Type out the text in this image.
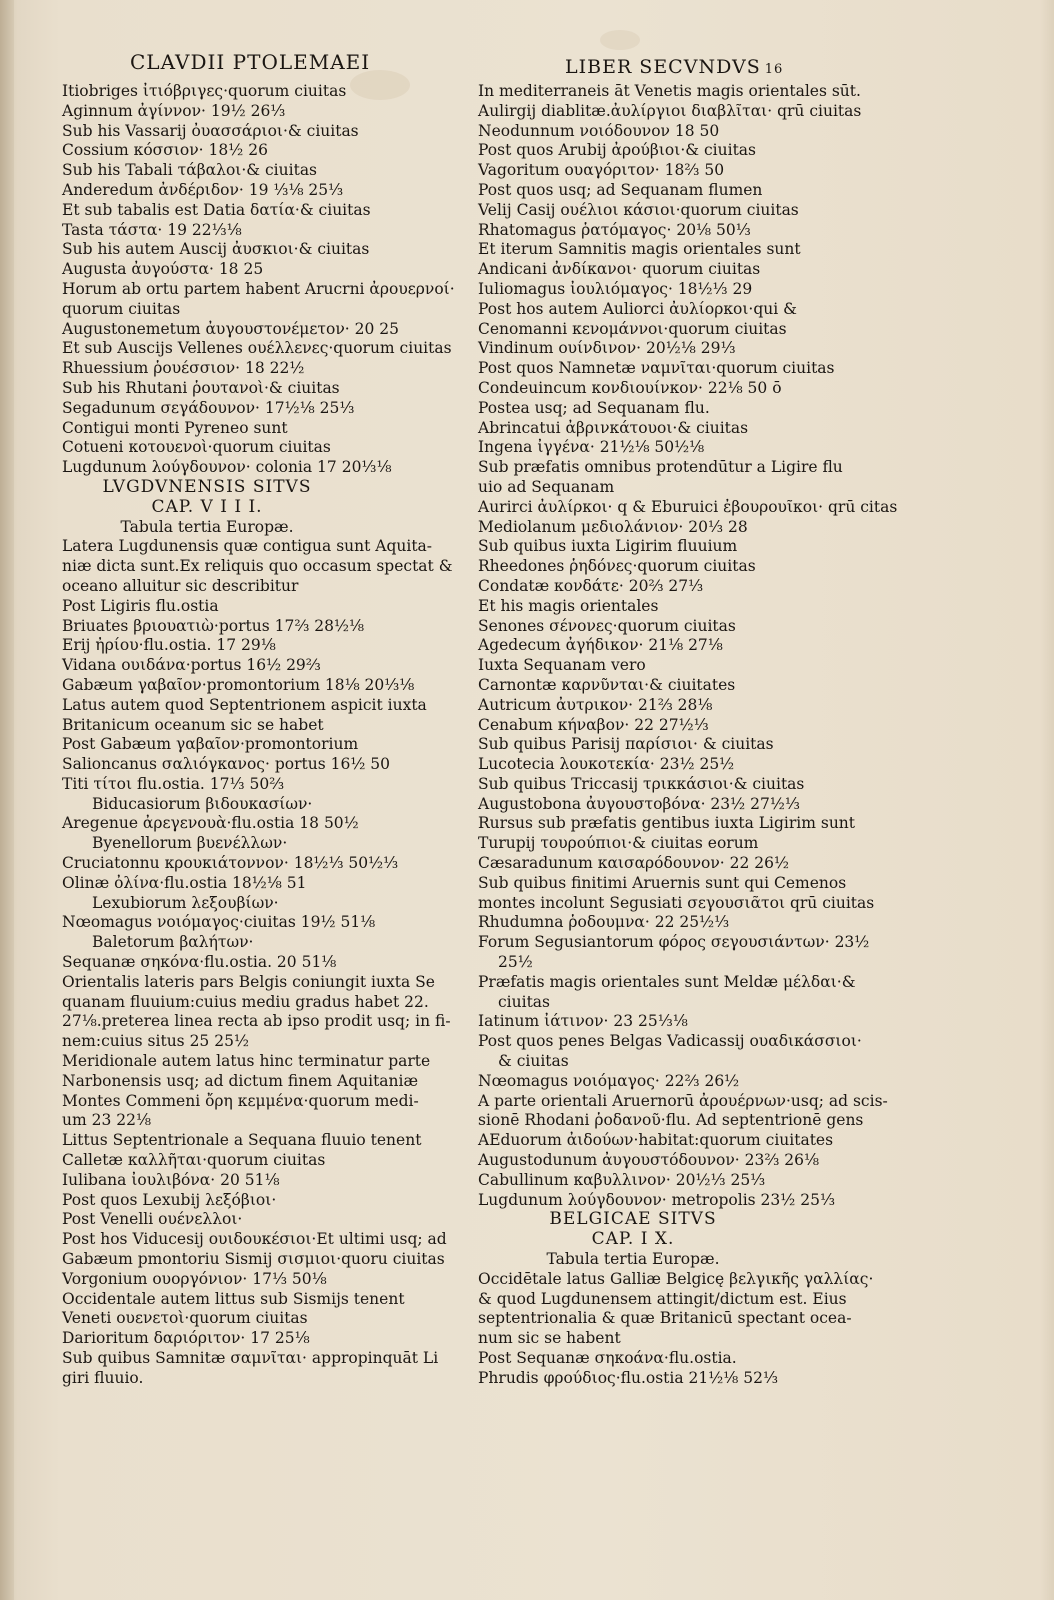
CLAVDII PTOLEMAEI	LIBER SECVNDVS 16
Itiobriges ἰτιόβριγες·quorum ciuitas
Aginnum ἀγίννον· 19½ 26⅓
Sub his Vassarij ὀυασσάριοι·& ciuitas
Cossium κόσσιον· 18½ 26
Sub his Tabali τάβαλοι·& ciuitas
Anderedum ἀνδέριδον· 19 ⅓⅛ 25⅓
Et sub tabalis est Datia δατία·& ciuitas
Tasta τάστα· 19 22⅓⅛
Sub his autem Auscij ἀυσκιοι·& ciuitas
Augusta ἀυγούστα· 18 25
Horum ab ortu partem habent Arucrni ἀρουερνοί·
quorum ciuitas
Augustonemetum ἀυγουστονέμετον· 20 25
Et sub Auscijs Vellenes ουέλλενες·quorum ciuitas
Rhuessium ῥουέσσιον· 18 22½
Sub his Rhutani ῥουτανοὶ·& ciuitas
Segadunum σεγάδουνον· 17½⅛ 25⅓
Contigui monti Pyreneo sunt
Cotueni κοτουενοὶ·quorum ciuitas
Lugdunum λούγδουνον· colonia 17 20⅓⅛
LVGDVNENSIS SITVS
CAP. V I I I.
Tabula tertia Europæ.
Latera Lugdunensis quæ contigua sunt Aquita-
niæ dicta sunt.Ex reliquis quo occasum spectat &
oceano alluitur sic describitur
Post Ligiris flu.ostia
Briuates βριουατιὼ·portus 17⅔ 28½⅛
Erij ἠρίου·flu.ostia. 17 29⅛
Vidana ουιδάνα·portus 16½ 29⅔
Gabæum γαβαῖον·promontorium 18⅛ 20⅓⅛
Latus autem quod Septentrionem aspicit iuxta
Britanicum oceanum sic se habet
Post Gabæum γαβαῖον·promontorium
Salioncanus σαλιόγκανος· portus 16½ 50
Titi τίτοι flu.ostia. 17⅓ 50⅔
Biducasiorum βιδουκασίων·
Aregenue ἀρεγενουὰ·flu.ostia 18 50½
Byenellorum βυενέλλων·
Cruciatonnu κρουκιάτοννον· 18½⅓ 50½⅓
Olinæ ὀλίνα·flu.ostia 18½⅛ 51
Lexubiorum λεξουβίων·
Nœomagus νοιόμαγος·ciuitas 19½ 51⅛
Baletorum βαλήτων·
Sequanæ σηκόνα·flu.ostia. 20 51⅛
Orientalis lateris pars Belgis coniungit iuxta Se
quanam fluuium:cuius mediu gradus habet 22.
27⅛.preterea linea recta ab ipso prodit usq; in fi-
nem:cuius situs 25 25½
Meridionale autem latus hinc terminatur parte
Narbonensis usq; ad dictum finem Aquitaniæ
Montes Commeni ὄρη κεμμένα·quorum medi-
um 23 22⅛
Littus Septentrionale a Sequana fluuio tenent
Calletæ καλλῆται·quorum ciuitas
Iulibana ἰουλιβόνα· 20 51⅛
Post quos Lexubij λεξόβιοι·
Post Venelli ουένελλοι·
Post hos Viducesij ουιδουκέσιοι·Et ultimi usq; ad
Gabæum pmontoriu Sismij σισμιοι·quoru ciuitas
Vorgonium ουοργόνιον· 17⅓ 50⅛
Occidentale autem littus sub Sismijs tenent
Veneti ουενετοὶ·quorum ciuitas
Darioritum δαριόριτον· 17 25⅛
Sub quibus Samnitæ σαμνῖται· appropinquāt Li
giri fluuio.
In mediterraneis āt Venetis magis orientales sūt.
Aulirgij diablitæ.ἀυλίργιοι διαβλῖται· qrū ciuitas
Neodunnum νοιόδουνον 18 50
Post quos Arubij ἀρούβιοι·& ciuitas
Vagoritum ουαγόριτον· 18⅔ 50
Post quos usq; ad Sequanam flumen
Velij Casij ουέλιοι κάσιοι·quorum ciuitas
Rhatomagus ῥατόμαγος· 20⅛ 50⅓
Et iterum Samnitis magis orientales sunt
Andicani ἀνδίκανοι· quorum ciuitas
Iuliomagus ἰουλιόμαγος· 18½⅓ 29
Post hos autem Auliorci ἀυλίορκοι·qui &
Cenomanni κενομάννοι·quorum ciuitas
Vindinum ουίνδινον· 20½⅛ 29⅓
Post quos Namnetæ ναμνῖται·quorum ciuitas
Condeuincum κονδιουίνκον· 22⅛ 50 ō
Postea usq; ad Sequanam flu.
Abrincatui ἀβρινκάτουοι·& ciuitas
Ingena ἰγγένα· 21½⅛ 50½⅛
Sub præfatis omnibus protendūtur a Ligire flu
uio ad Sequanam
Aurirci ἀυλίρκοι· q & Eburuici ἐβουρουῖκοι· qrū citas
Mediolanum μεδιολάνιον· 20⅓ 28
Sub quibus iuxta Ligirim fluuium
Rheedones ῥηδόνες·quorum ciuitas
Condatæ κονδάτε· 20⅔ 27⅓
Et his magis orientales
Senones σένονες·quorum ciuitas
Agedecum ἀγήδικον· 21⅛ 27⅛
Iuxta Sequanam vero
Carnontæ καρνῦνται·& ciuitates
Autricum ἀυτρικον· 21⅔ 28⅛
Cenabum κήναβον· 22 27½⅓
Sub quibus Parisij παρίσιοι· & ciuitas
Lucotecia λουκοτεκία· 23½ 25½
Sub quibus Triccasij τρικκάσιοι·& ciuitas
Augustobona ἀυγουστοβόνα· 23½ 27½⅓
Rursus sub præfatis gentibus iuxta Ligirim sunt
Turupij τουρούπιοι·& ciuitas eorum
Cæsaradunum καισαρόδουνον· 22 26½
Sub quibus finitimi Aruernis sunt qui Cemenos
montes incolunt Segusiati σεγουσιᾶτοι qrū ciuitas
Rhudumna ῥοδουμνα· 22 25½⅓
Forum Segusiantorum φόρος σεγουσιάντων· 23½
25½
Præfatis magis orientales sunt Meldæ μέλδαι·&
ciuitas
Iatinum ἰάτινον· 23 25⅓⅛
Post quos penes Belgas Vadicassij ουαδικάσσιοι·
& ciuitas
Nœomagus νοιόμαγος· 22⅔ 26½
A parte orientali Aruernorū ἀρουέρνων·usq; ad scis-
sionē Rhodani ῥοδανοῦ·flu. Ad septentrionē gens
AEduorum ἀιδούων·habitat:quorum ciuitates
Augustodunum ἀυγουστόδουνον· 23⅔ 26⅛
Cabullinum καβυλλινον· 20½⅓ 25⅓
Lugdunum λούγδουνον· metropolis 23½ 25⅓
BELGICAE SITVS
CAP. I X.
Tabula tertia Europæ.
Occidētale latus Galliæ Belgicę βελγικῆς γαλλίας·
& quod Lugdunensem attingit/dictum est. Eius
septentrionalia & quæ Britanicū spectant ocea-
num sic se habent
Post Sequanæ σηκοάνα·flu.ostia.
Phrudis φρούδιος·flu.ostia 21½⅛ 52⅓
